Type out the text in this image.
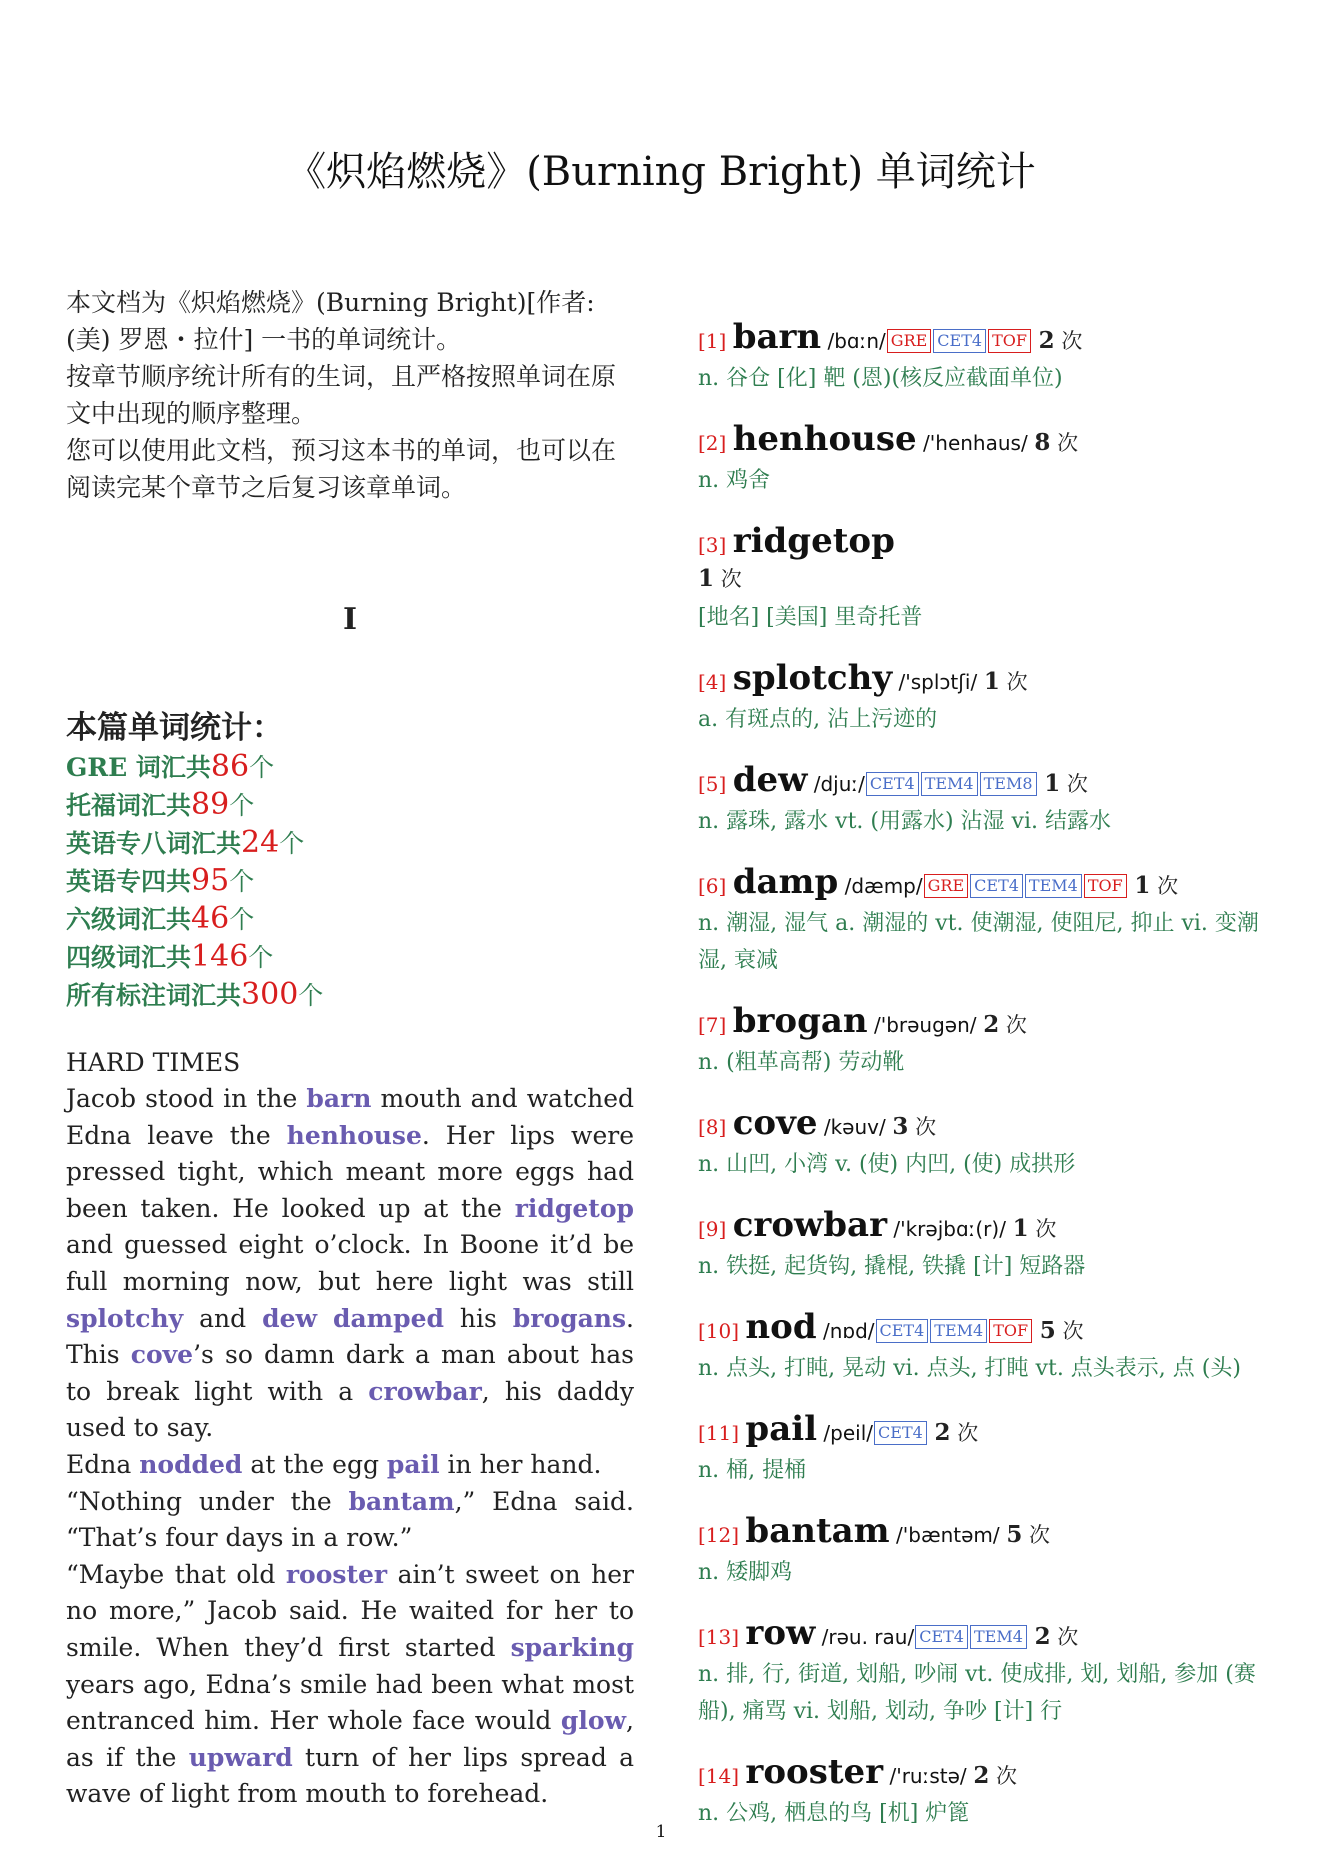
《炽焰燃烧》(Burning Bright) 单词统计

本文档为《炽焰燃烧》(Burning Bright)[作者: (美) 罗恩・拉什] 一书的单词统计。

按章节顺序统计所有的生词，且严格按照单词在原文中出现的顺序整理。

您可以使用此文档，预习这本书的单词，也可以在阅读完某个章节之后复习该章单词。

I
本篇单词统计：
GRE 词汇共86个
托福词汇共89个
英语专八词汇共24个
英语专四共95个
六级词汇共46个
四级词汇共146个
所有标注词汇共300个
HARD TIMES

Jacob stood in the barn mouth and watched Edna leave the henhouse. Her lips were pressed tight, which meant more eggs had been taken. He looked up at the ridgetop and guessed eight o’clock. In Boone it’d be full morning now, but here light was still splotchy and dew damped his brogans. This cove’s so damn dark a man about has to break light with a crowbar, his daddy used to say.

Edna nodded at the egg pail in her hand.

“Nothing under the bantam,” Edna said. “That’s four days in a row.”

“Maybe that old rooster ain’t sweet on her no more,” Jacob said. He waited for her to smile. When they’d first started sparking years ago, Edna’s smile had been what most entranced him. Her whole face would glow, as if the upward turn of her lips spread a wave of light from mouth to forehead.

[1] barn /bɑːn/ GRE CET4 TOF 2 次
n. 谷仓 [化] 靶 (恩)(核反应截面单位)
[2] henhouse /'henhaus/ 8 次
n. 鸡舍
[3] ridgetop
1 次
[地名] [美国] 里奇托普
[4] splotchy /'splɔtʃi/ 1 次
a. 有斑点的, 沾上污迹的
[5] dew /djuː/ CET4 TEM4 TEM8 1 次
n. 露珠, 露水 vt. (用露水) 沾湿 vi. 结露水
[6] damp /dæmp/ GRE CET4 TEM4 TOF 1 次
n. 潮湿, 湿气 a. 潮湿的 vt. 使潮湿, 使阻尼, 抑止 vi. 变潮湿, 衰减
[7] brogan /'brəugən/ 2 次
n. (粗革高帮) 劳动靴
[8] cove /kəuv/ 3 次
n. 山凹, 小湾 v. (使) 内凹, (使) 成拱形
[9] crowbar /'krəjbɑː(r)/ 1 次
n. 铁挺, 起货钩, 撬棍, 铁撬 [计] 短路器
[10] nod /nɒd/ CET4 TEM4 TOF 5 次
n. 点头, 打盹, 晃动 vi. 点头, 打盹 vt. 点头表示, 点 (头)
[11] pail /peil/ CET4 2 次
n. 桶, 提桶
[12] bantam /'bæntəm/ 5 次
n. 矮脚鸡
[13] row /rəu. rau/ CET4 TEM4 2 次
n. 排, 行, 街道, 划船, 吵闹 vt. 使成排, 划, 划船, 参加 (赛船), 痛骂 vi. 划船, 划动, 争吵 [计] 行
[14] rooster /'ruːstə/ 2 次
n. 公鸡, 栖息的鸟 [机] 炉篦
1
